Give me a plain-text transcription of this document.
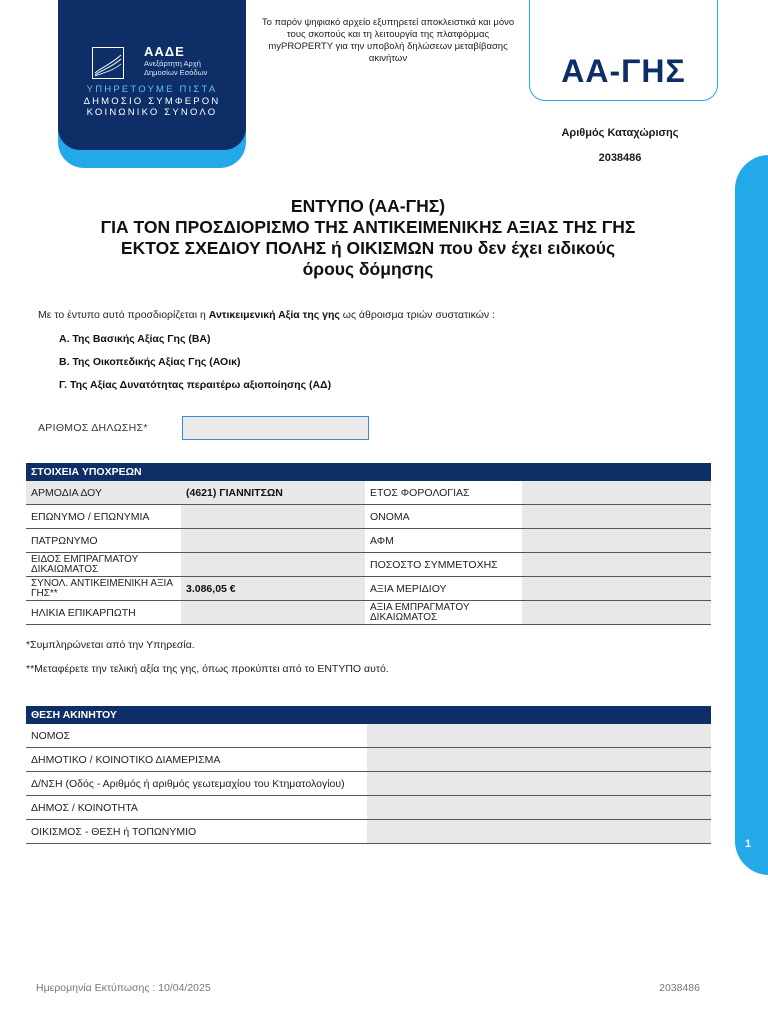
ΑΑΔΕ
Ανεξάρτητη Αρχή Δημοσίων Εσόδων
ΥΠΗΡΕΤΟΥΜΕ ΠΙΣΤΑ
ΔΗΜΟΣΙΟ ΣΥΜΦΕΡΟΝ
ΚΟΙΝΩΝΙΚΟ ΣΥΝΟΛΟ
Το παρόν ψηφιακό αρχείο εξυπηρετεί αποκλειστικά και μόνο τους σκοπούς και τη λειτουργία της πλατφόρμας myPROPERTY για την υποβολή δηλώσεων μεταβίβασης ακινήτων	ΑΑ-ΓΗΣ
Αριθμός Καταχώρισης
2038486
1
ΕΝΤΥΠΟ (ΑΑ-ΓΗΣ)
ΓΙΑ ΤΟΝ ΠΡΟΣΔΙΟΡΙΣΜΟ ΤΗΣ ΑΝΤΙΚΕΙΜΕΝΙΚΗΣ ΑΞΙΑΣ ΤΗΣ ΓΗΣ
ΕΚΤΟΣ ΣΧΕΔΙΟΥ ΠΟΛΗΣ ή ΟΙΚΙΣΜΩΝ που δεν έχει ειδικούς
όρους δόμησης
Με το έντυπο αυτό προσδιορίζεται η Αντικειμενική Αξία της γης ως άθροισμα τριών συστατικών :
Α. Της Βασικής Αξίας Γης (ΒΑ)
Β. Της Οικοπεδικής Αξίας Γης (ΑΟικ)
Γ. Της Αξίας Δυνατότητας περαιτέρω αξιοποίησης (ΑΔ)
ΑΡΙΘΜΟΣ ΔΗΛΩΣΗΣ*
ΣΤΟΙΧΕΙΑ ΥΠΟΧΡΕΩΝ
ΑΡΜΟΔΙΑ ΔΟΥ	(4621) ΓΙΑΝΝΙΤΣΩΝ	ΕΤΟΣ ΦΟΡΟΛΟΓΙΑΣ
ΕΠΩΝΥΜΟ / ΕΠΩΝΥΜΙΑ	ΟΝΟΜΑ
ΠΑΤΡΩΝΥΜΟ	ΑΦΜ
ΕΙΔΟΣ ΕΜΠΡΑΓΜΑΤΟΥ ΔΙΚΑΙΩΜΑΤΟΣ	ΠΟΣΟΣΤΟ ΣΥΜΜΕΤΟΧΗΣ
ΣΥΝΟΛ. ΑΝΤΙΚΕΙΜΕΝΙΚΗ ΑΞΙΑ ΓΗΣ**	3.086,05 €	ΑΞΙΑ ΜΕΡΙΔΙΟΥ
ΗΛΙΚΙΑ ΕΠΙΚΑΡΠΩΤΗ	ΑΞΙΑ ΕΜΠΡΑΓΜΑΤΟΥ ΔΙΚΑΙΩΜΑΤΟΣ
*Συμπληρώνεται από την Υπηρεσία.
**Μεταφέρετε την τελική αξία της γης, όπως προκύπτει από το ΕΝΤΥΠΟ αυτό.
ΘΕΣΗ ΑΚΙΝΗΤΟΥ
ΝΟΜΟΣ
ΔΗΜΟΤΙΚΟ / ΚΟΙΝΟΤΙΚΟ ΔΙΑΜΕΡΙΣΜΑ
Δ/ΝΣΗ (Οδός - Αριθμός ή αριθμός γεωτεμαχίου του Κτηματολογίου)
ΔΗΜΟΣ / ΚΟΙΝΟΤΗΤΑ
ΟΙΚΙΣΜΟΣ - ΘΕΣΗ ή ΤΟΠΩΝΥΜΙΟ
Ημερομηνία Εκτύπωσης : 10/04/2025	2038486
